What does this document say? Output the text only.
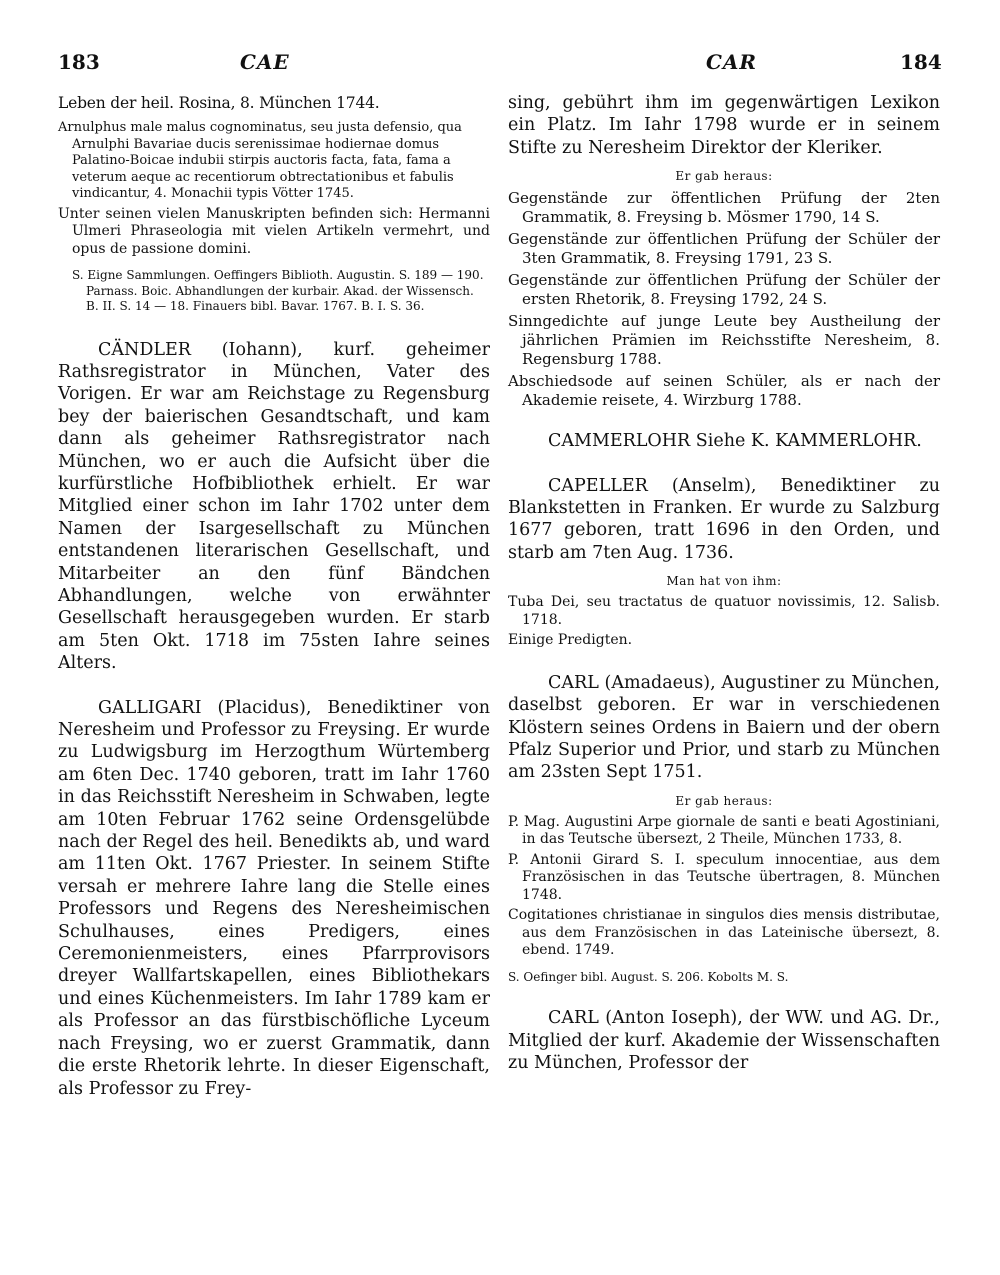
183	CAE	CAR	184

Leben der heil. Rosina, 8. München 1744.

Arnulphus male malus cognominatus, seu justa defensio, qua Arnulphi Bavariae ducis serenissimae hodiernae domus Palatino-Boicae indubii stirpis auctoris facta, fata, fama a veterum aeque ac recentiorum obtrectationibus et fabulis vindicantur, 4. Monachii typis Vötter 1745.

Unter seinen vielen Manuskripten befinden sich: Hermanni Ulmeri Phraseologia mit vielen Artikeln vermehrt, und opus de passione domini.

S. Eigne Sammlungen. Oeffingers Biblioth. Augustin. S. 189 — 190. Parnass. Boic. Abhandlungen der kurbair. Akad. der Wissensch. B. II. S. 14 — 18. Finauers bibl. Bavar. 1767. B. I. S. 36.

CÄNDLER (Iohann), kurf. geheimer Rathsregistrator in München, Vater des Vorigen. Er war am Reichstage zu Regensburg bey der baierischen Gesandtschaft, und kam dann als geheimer Rathsregistrator nach München, wo er auch die Aufsicht über die kurfürstliche Hofbibliothek erhielt. Er war Mitglied einer schon im Iahr 1702 unter dem Namen der Isargesellschaft zu München entstandenen literarischen Gesellschaft, und Mitarbeiter an den fünf Bändchen Abhandlungen, welche von erwähnter Gesellschaft herausgegeben wurden. Er starb am 5ten Okt. 1718 im 75sten Iahre seines Alters.

GALLIGARI (Placidus), Benediktiner von Neresheim und Professor zu Freysing. Er wurde zu Ludwigsburg im Herzogthum Würtemberg am 6ten Dec. 1740 geboren, tratt im Iahr 1760 in das Reichsstift Neresheim in Schwaben, legte am 10ten Februar 1762 seine Ordensgelübde nach der Regel des heil. Benedikts ab, und ward am 11ten Okt. 1767 Priester. In seinem Stifte versah er mehrere Iahre lang die Stelle eines Professors und Regens des Neresheimischen Schulhauses, eines Predigers, eines Ceremonienmeisters, eines Pfarrprovisors dreyer Wallfartskapellen, eines Bibliothekars und eines Küchenmeisters. Im Iahr 1789 kam er als Professor an das fürstbischöfliche Lyceum nach Freysing, wo er zuerst Grammatik, dann die erste Rhetorik lehrte. In dieser Eigenschaft, als Professor zu Frey-

sing, gebührt ihm im gegenwärtigen Lexikon ein Platz. Im Iahr 1798 wurde er in seinem Stifte zu Neresheim Direktor der Kleriker.

Er gab heraus:

Gegenstände zur öffentlichen Prüfung der 2ten Grammatik, 8. Freysing b. Mösmer 1790, 14 S.

Gegenstände zur öffentlichen Prüfung der Schüler der 3ten Grammatik, 8. Freysing 1791, 23 S.

Gegenstände zur öffentlichen Prüfung der Schüler der ersten Rhetorik, 8. Freysing 1792, 24 S.

Sinngedichte auf junge Leute bey Austheilung der jährlichen Prämien im Reichsstifte Neresheim, 8. Regensburg 1788.

Abschiedsode auf seinen Schüler, als er nach der Akademie reisete, 4. Wirzburg 1788.

CAMMERLOHR Siehe K. KAMMERLOHR.

CAPELLER (Anselm), Benediktiner zu Blankstetten in Franken. Er wurde zu Salzburg 1677 geboren, tratt 1696 in den Orden, und starb am 7ten Aug. 1736.

Man hat von ihm:

Tuba Dei, seu tractatus de quatuor novissimis, 12. Salisb. 1718.

Einige Predigten.

CARL (Amadaeus), Augustiner zu München, daselbst geboren. Er war in verschiedenen Klöstern seines Ordens in Baiern und der obern Pfalz Superior und Prior, und starb zu München am 23sten Sept 1751.

Er gab heraus:

P. Mag. Augustini Arpe giornale de santi e beati Agostiniani, in das Teutsche übersezt, 2 Theile, München 1733, 8.

P. Antonii Girard S. I. speculum innocentiae, aus dem Französischen in das Teutsche übertragen, 8. München 1748.

Cogitationes christianae in singulos dies mensis distributae, aus dem Französischen in das Lateinische übersezt, 8. ebend. 1749.

S. Oefinger bibl. August. S. 206. Kobolts M. S.

CARL (Anton Ioseph), der WW. und AG. Dr., Mitglied der kurf. Akademie der Wissenschaften zu München, Professor der
